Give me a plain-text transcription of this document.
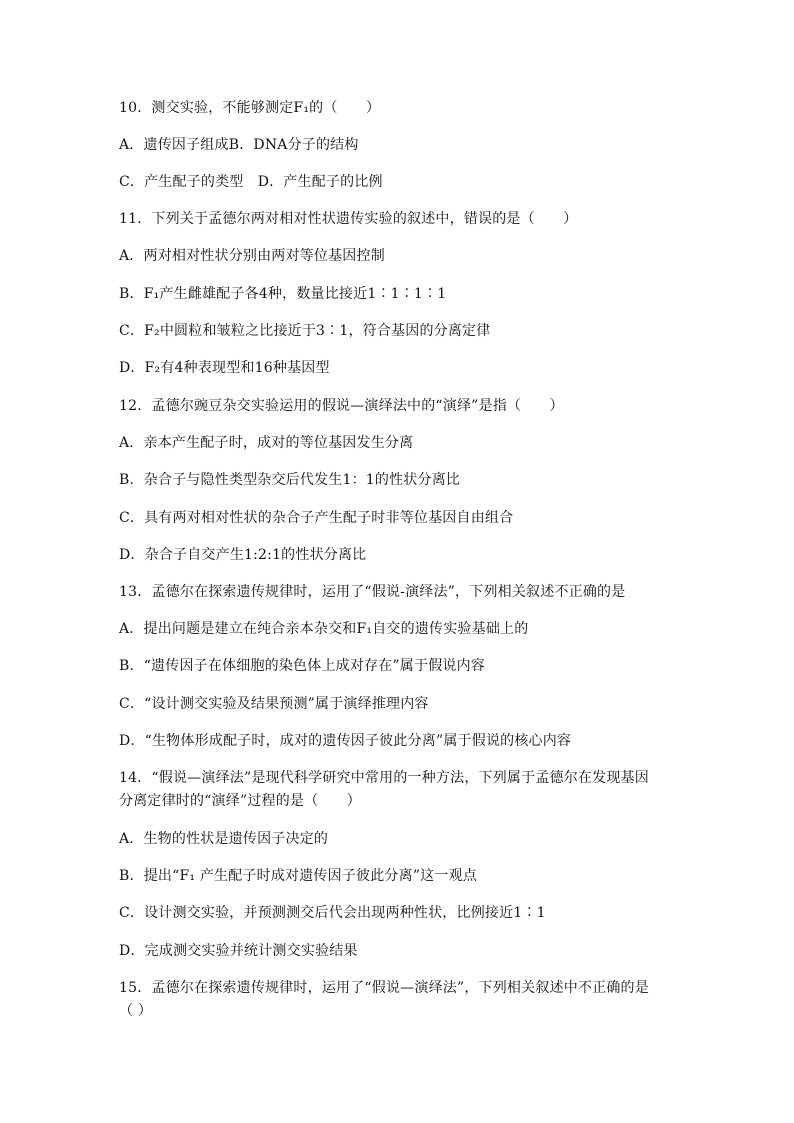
10．测交实验，不能够测定F₁的（　　）
A．遗传因子组成B．DNA分子的结构
C．产生配子的类型　D．产生配子的比例
11．下列关于孟德尔两对相对性状遗传实验的叙述中，错误的是（　　）
A．两对相对性状分别由两对等位基因控制
B．F₁产生雌雄配子各4种，数量比接近1∶1∶1∶1
C．F₂中圆粒和皱粒之比接近于3∶1，符合基因的分离定律
D．F₂有4种表现型和16种基因型
12．孟德尔豌豆杂交实验运用的假说—演绎法中的“演绎”是指（　　）
A．亲本产生配子时，成对的等位基因发生分离
B．杂合子与隐性类型杂交后代发生1：1的性状分离比
C．具有两对相对性状的杂合子产生配子时非等位基因自由组合
D．杂合子自交产生1:2:1的性状分离比
13．孟德尔在探索遗传规律时，运用了“假说-演绎法”，下列相关叙述不正确的是
A．提出问题是建立在纯合亲本杂交和F₁自交的遗传实验基础上的
B．“遗传因子在体细胞的染色体上成对存在”属于假说内容
C．“设计测交实验及结果预测”属于演绎推理内容
D．“生物体形成配子时，成对的遗传因子彼此分离”属于假说的核心内容
14．“假说—演绎法”是现代科学研究中常用的一种方法，下列属于孟德尔在发现基因
分离定律时的“演绎”过程的是（　　）
A．生物的性状是遗传因子决定的
B．提出“F₁ 产生配子时成对遗传因子彼此分离”这一观点
C．设计测交实验，并预测测交后代会出现两种性状，比例接近1∶1
D．完成测交实验并统计测交实验结果
15．孟德尔在探索遗传规律时，运用了“假说—演绎法”，下列相关叙述中不正确的是
（ ）
